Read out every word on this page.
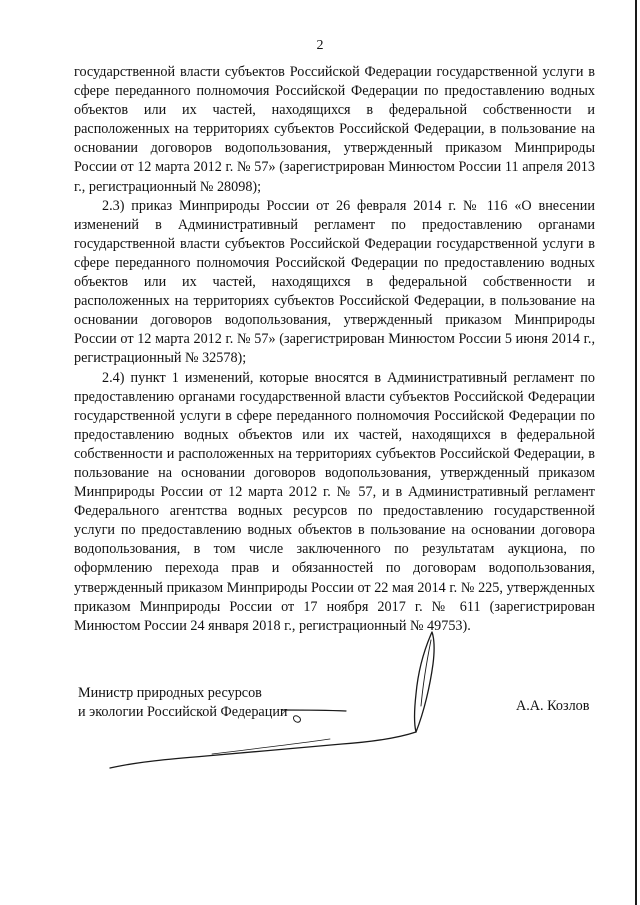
2

государственной власти субъектов Российской Федерации государственной услуги в сфере переданного полномочия Российской Федерации по предоставлению водных объектов или их частей, находящихся в федеральной собственности и расположенных на территориях субъектов Российской Федерации, в пользование на основании договоров водопользования, утвержденный приказом Минприроды России от 12 марта 2012 г. № 57» (зарегистрирован Минюстом России 11 апреля 2013 г., регистрационный № 28098);

2.3) приказ Минприроды России от 26 февраля 2014 г. № 116 «О внесении изменений в Административный регламент по предоставлению органами государственной власти субъектов Российской Федерации государственной услуги в сфере переданного полномочия Российской Федерации по предоставлению водных объектов или их частей, находящихся в федеральной собственности и расположенных на территориях субъектов Российской Федерации, в пользование на основании договоров водопользования, утвержденный приказом Минприроды России от 12 марта 2012 г. № 57» (зарегистрирован Минюстом России 5 июня 2014 г., регистрационный № 32578);

2.4) пункт 1 изменений, которые вносятся в Административный регламент по предоставлению органами государственной власти субъектов Российской Федерации государственной услуги в сфере переданного полномочия Российской Федерации по предоставлению водных объектов или их частей, находящихся в федеральной собственности и расположенных на территориях субъектов Российской Федерации, в пользование на основании договоров водопользования, утвержденный приказом Минприроды России от 12 марта 2012 г. № 57, и в Административный регламент Федерального агентства водных ресурсов по предоставлению государственной услуги по предоставлению водных объектов в пользование на основании договора водопользования, в том числе заключенного по результатам аукциона, по оформлению перехода прав и обязанностей по договорам водопользования, утвержденный приказом Минприроды России от 22 мая 2014 г. № 225, утвержденных приказом Минприроды России от 17 ноября 2017 г. № 611 (зарегистрирован Минюстом России 24 января 2018 г., регистрационный № 49753).

Министр природных ресурсов
и экологии Российской Федерации	А.А. Козлов
